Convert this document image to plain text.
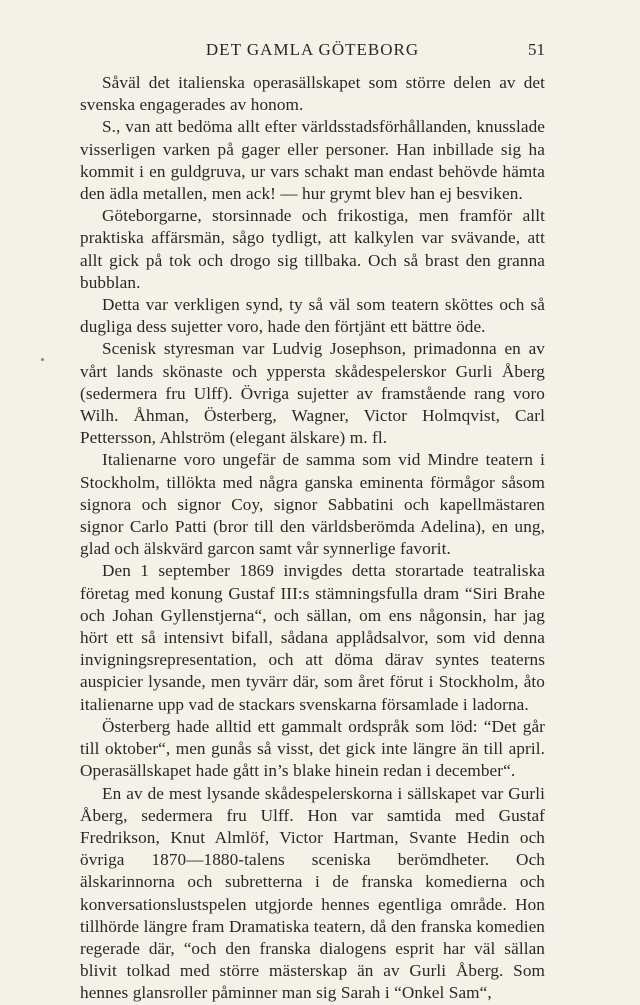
DET GAMLA GÖTEBORG	51

Såväl det italienska operasällskapet som större delen av det svenska engagerades av honom.

S., van att bedöma allt efter världsstadsförhållanden, knusslade visserligen varken på gager eller personer. Han inbillade sig ha kommit i en guldgruva, ur vars schakt man endast behövde hämta den ädla metallen, men ack! — hur grymt blev han ej besviken.

Göteborgarne, storsinnade och frikostiga, men framför allt praktiska affärsmän, sågo tydligt, att kalkylen var svävande, att allt gick på tok och drogo sig tillbaka. Och så brast den granna bubblan.

Detta var verkligen synd, ty så väl som teatern sköttes och så dugliga dess sujetter voro, hade den förtjänt ett bättre öde.

Scenisk styresman var Ludvig Josephson, primadonna en av vårt lands skönaste och yppersta skådespelerskor Gurli Åberg (sedermera fru Ulff). Övriga sujetter av framstående rang voro Wilh. Åhman, Österberg, Wagner, Victor Holmqvist, Carl Pettersson, Ahlström (elegant älskare) m. fl.

Italienarne voro ungefär de samma som vid Mindre teatern i Stockholm, tillökta med några ganska eminenta förmågor såsom signora och signor Coy, signor Sabbatini och kapellmästaren signor Carlo Patti (bror till den världsberömda Adelina), en ung, glad och älskvärd garcon samt vår synnerlige favorit.

Den 1 september 1869 invigdes detta storartade teatraliska företag med konung Gustaf III:s stämningsfulla dram “Siri Brahe och Johan Gyllenstjerna“, och sällan, om ens någonsin, har jag hört ett så intensivt bifall, sådana applådsalvor, som vid denna invigningsrepresentation, och att döma därav syntes teaterns auspicier lysande, men tyvärr där, som året förut i Stockholm, åto italienarne upp vad de stackars svenskarna församlade i ladorna.

Österberg hade alltid ett gammalt ordspråk som löd: “Det går till oktober“, men gunås så visst, det gick inte längre än till april. Operasällskapet hade gått in’s blake hinein redan i december“.

En av de mest lysande skådespelerskorna i sällskapet var Gurli Åberg, sedermera fru Ulff. Hon var samtida med Gustaf Fredrikson, Knut Almlöf, Victor Hartman, Svante Hedin och övriga 1870—1880-talens sceniska berömdheter. Och älskarinnorna och subretterna i de franska komedierna och konversationslustspelen utgjorde hennes egentliga område. Hon tillhörde längre fram Dramatiska teatern, då den franska komedien regerade där, “och den franska dialogens esprit har väl sällan blivit tolkad med större mästerskap än av Gurli Åberg. Som hennes glansroller påminner man sig Sarah i “Onkel Sam“,
